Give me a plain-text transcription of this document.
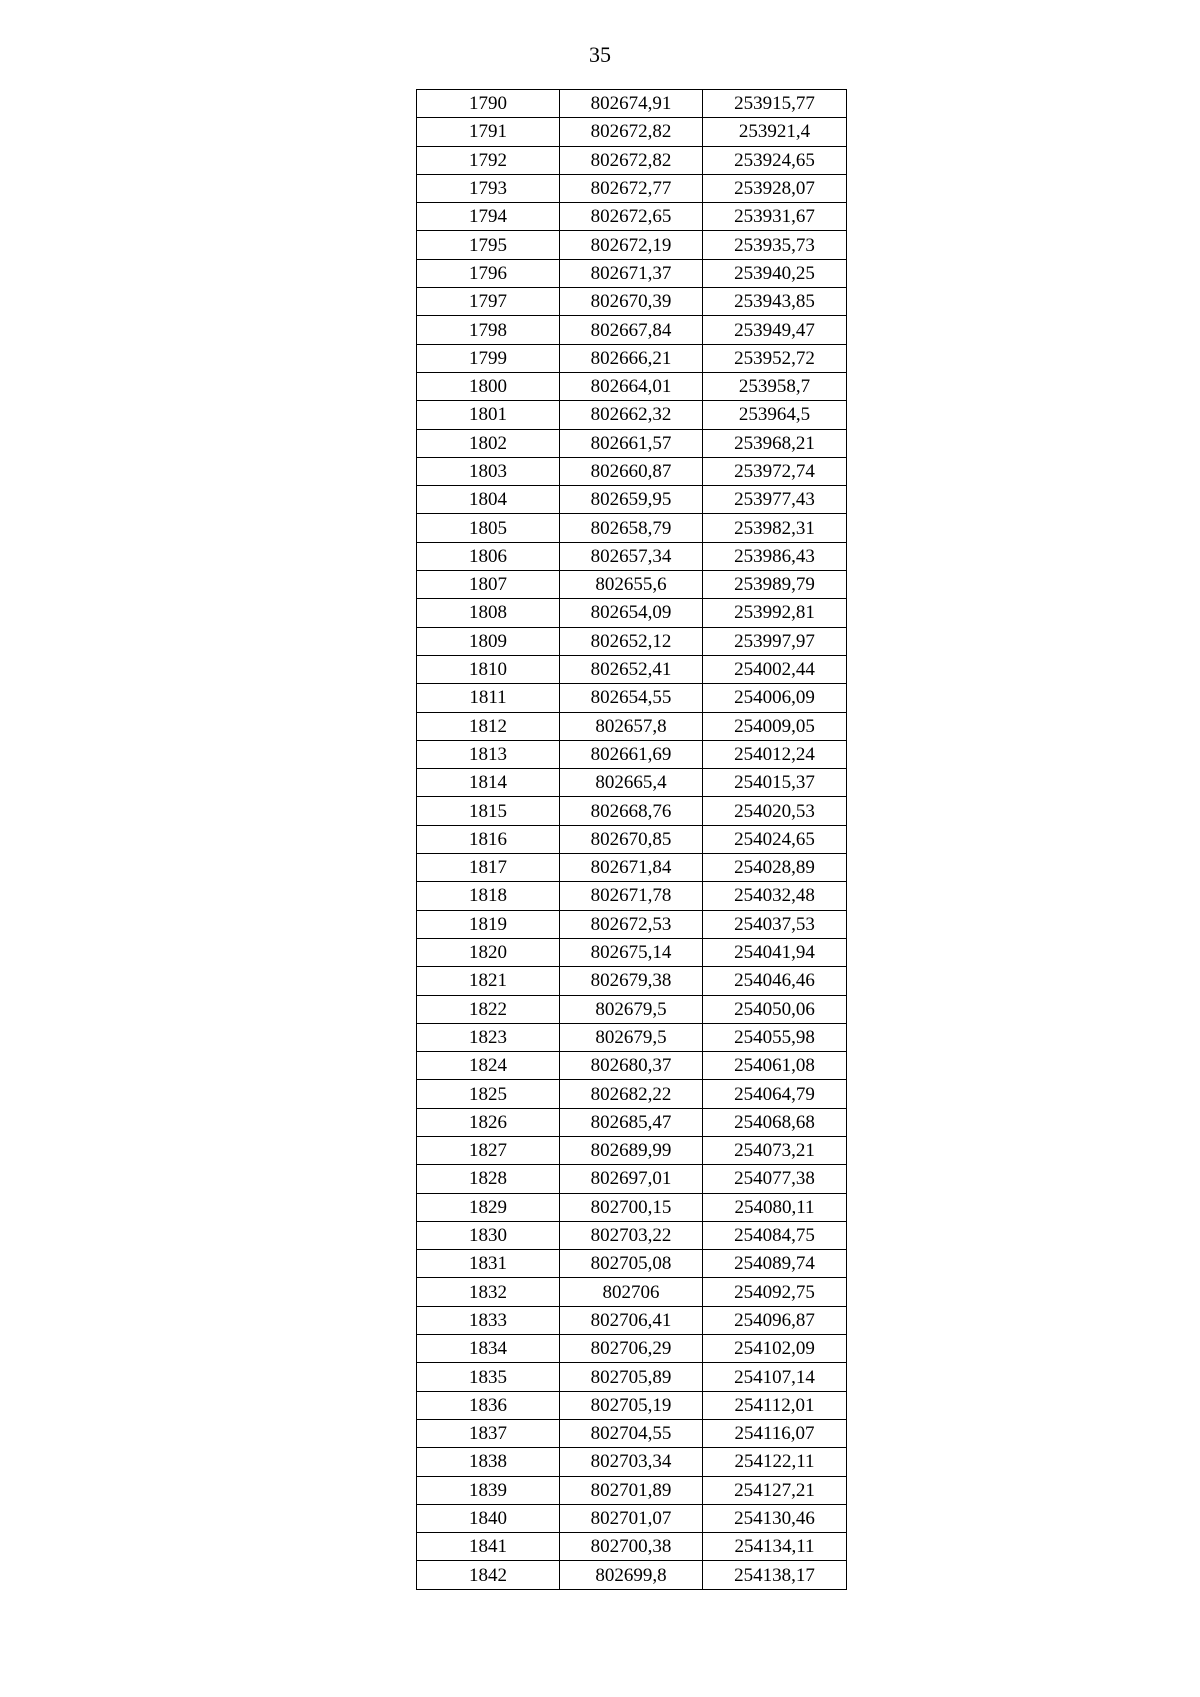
35
1790	802674,91	253915,77
1791	802672,82	253921,4
1792	802672,82	253924,65
1793	802672,77	253928,07
1794	802672,65	253931,67
1795	802672,19	253935,73
1796	802671,37	253940,25
1797	802670,39	253943,85
1798	802667,84	253949,47
1799	802666,21	253952,72
1800	802664,01	253958,7
1801	802662,32	253964,5
1802	802661,57	253968,21
1803	802660,87	253972,74
1804	802659,95	253977,43
1805	802658,79	253982,31
1806	802657,34	253986,43
1807	802655,6	253989,79
1808	802654,09	253992,81
1809	802652,12	253997,97
1810	802652,41	254002,44
1811	802654,55	254006,09
1812	802657,8	254009,05
1813	802661,69	254012,24
1814	802665,4	254015,37
1815	802668,76	254020,53
1816	802670,85	254024,65
1817	802671,84	254028,89
1818	802671,78	254032,48
1819	802672,53	254037,53
1820	802675,14	254041,94
1821	802679,38	254046,46
1822	802679,5	254050,06
1823	802679,5	254055,98
1824	802680,37	254061,08
1825	802682,22	254064,79
1826	802685,47	254068,68
1827	802689,99	254073,21
1828	802697,01	254077,38
1829	802700,15	254080,11
1830	802703,22	254084,75
1831	802705,08	254089,74
1832	802706	254092,75
1833	802706,41	254096,87
1834	802706,29	254102,09
1835	802705,89	254107,14
1836	802705,19	254112,01
1837	802704,55	254116,07
1838	802703,34	254122,11
1839	802701,89	254127,21
1840	802701,07	254130,46
1841	802700,38	254134,11
1842	802699,8	254138,17
